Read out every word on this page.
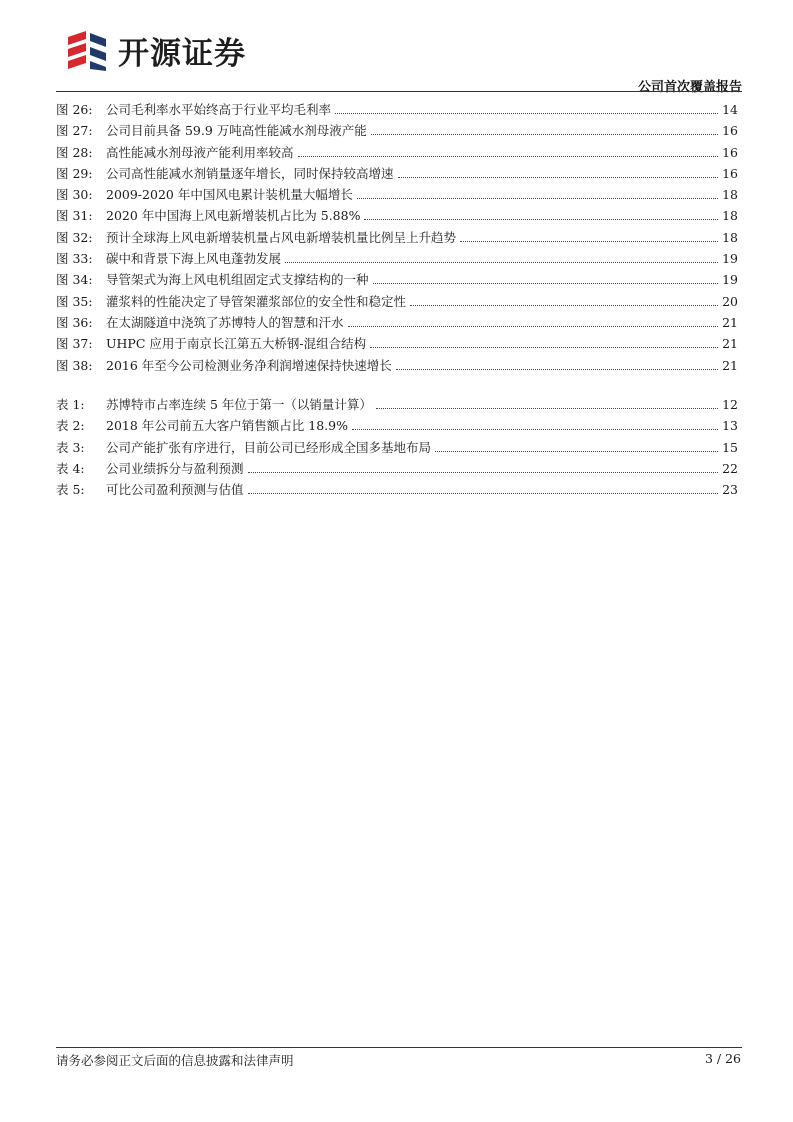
开源证券
公司首次覆盖报告
图 26:	公司毛利率水平始终高于行业平均毛利率	14
图 27:	公司目前具备 59.9 万吨高性能减水剂母液产能	16
图 28:	高性能减水剂母液产能利用率较高	16
图 29:	公司高性能减水剂销量逐年增长，同时保持较高增速	16
图 30:	2009-2020 年中国风电累计装机量大幅增长	18
图 31:	2020 年中国海上风电新增装机占比为 5.88%	18
图 32:	预计全球海上风电新增装机量占风电新增装机量比例呈上升趋势	18
图 33:	碳中和背景下海上风电蓬勃发展	19
图 34:	导管架式为海上风电机组固定式支撑结构的一种	19
图 35:	灌浆料的性能决定了导管架灌浆部位的安全性和稳定性	20
图 36:	在太湖隧道中浇筑了苏博特人的智慧和汗水	21
图 37:	UHPC 应用于南京长江第五大桥钢-混组合结构	21
图 38:	2016 年至今公司检测业务净利润增速保持快速增长	21
表 1:	苏博特市占率连续 5 年位于第一（以销量计算）	12
表 2:	2018 年公司前五大客户销售额占比 18.9%	13
表 3:	公司产能扩张有序进行，目前公司已经形成全国多基地布局	15
表 4:	公司业绩拆分与盈利预测	22
表 5:	可比公司盈利预测与估值	23
请务必参阅正文后面的信息披露和法律声明	3 / 26
